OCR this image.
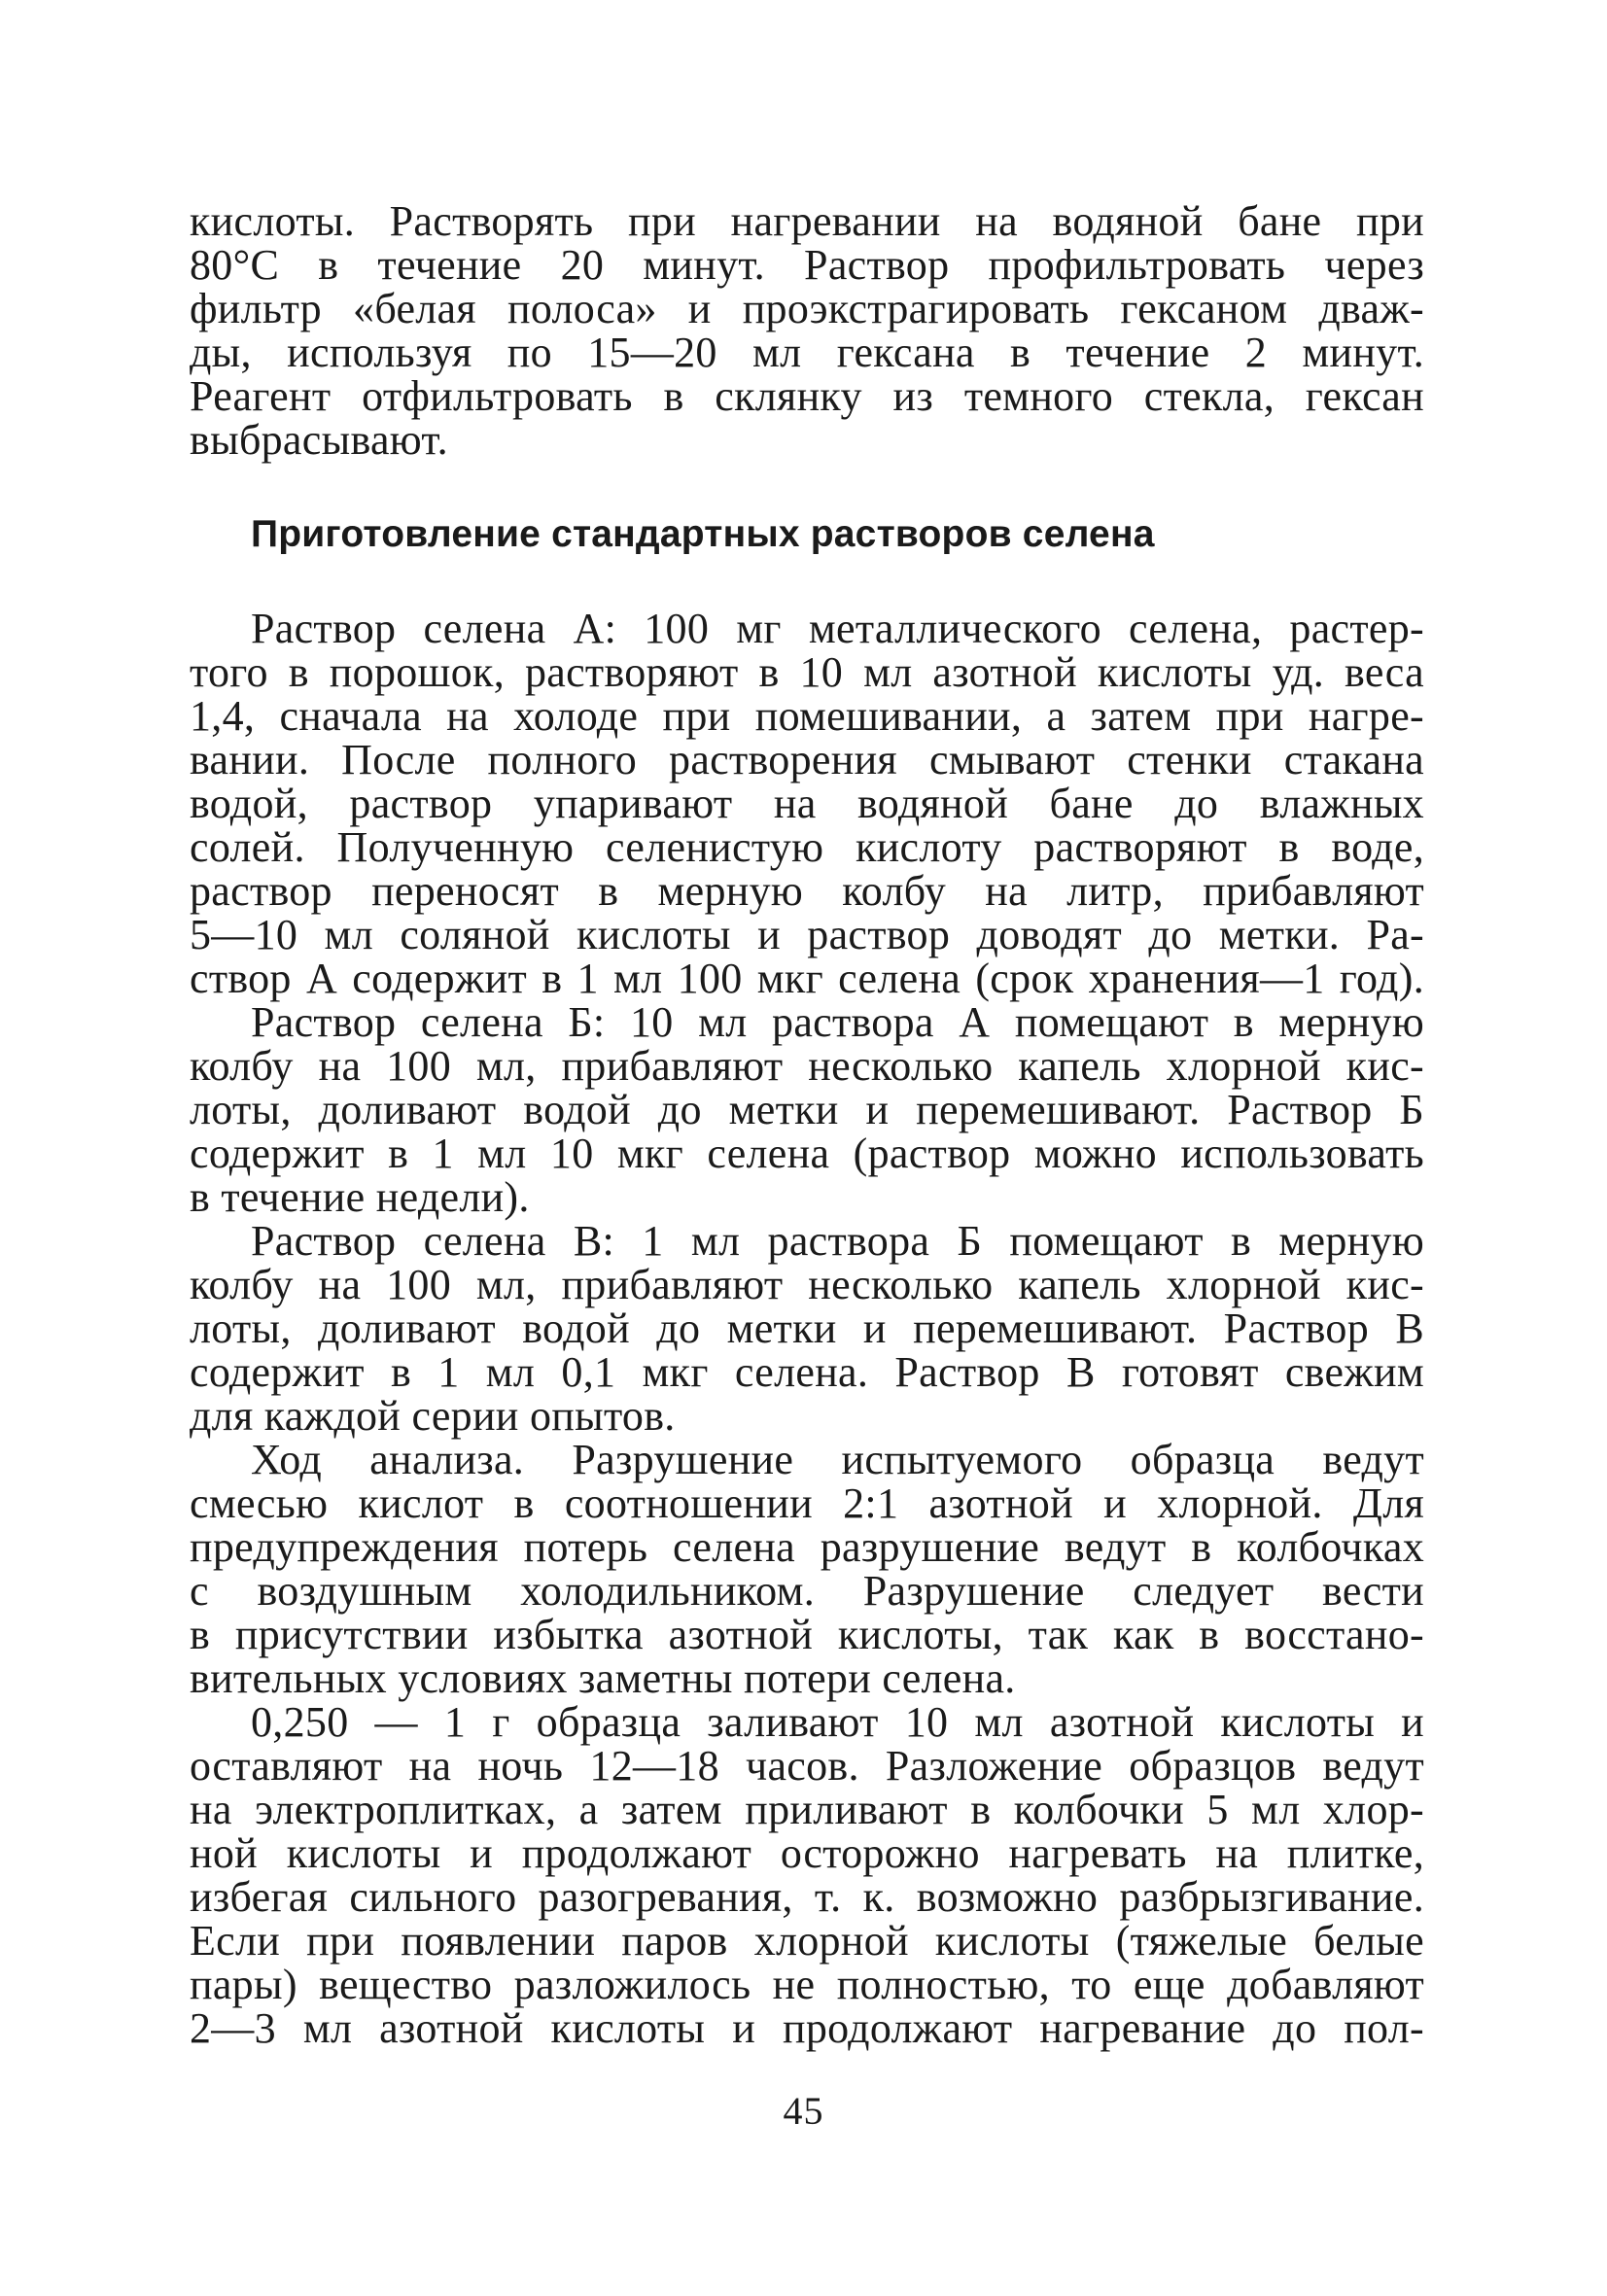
кислоты. Растворять при нагревании на водяной бане при
80°С в течение 20 минут. Раствор профильтровать через
фильтр «белая полоса» и проэкстрагировать гексаном дваж-
ды, используя по 15—20 мл гексана в течение 2 минут.
Реагент отфильтровать в склянку из темного стекла, гексан
выбрасывают.
Приготовление стандартных растворов селена
Раствор селена А: 100 мг металлического селена, растер-
того в порошок, растворяют в 10 мл азотной кислоты уд. веса
1,4, сначала на холоде при помешивании, а затем при нагре-
вании. После полного растворения смывают стенки стакана
водой, раствор упаривают на водяной бане до влажных
солей. Полученную селенистую кислоту растворяют в воде,
раствор переносят в мерную колбу на литр, прибавляют
5—10 мл соляной кислоты и раствор доводят до метки. Ра-
створ А содержит в 1 мл 100 мкг селена (срок хранения—1 год).
Раствор селена Б: 10 мл раствора А помещают в мерную
колбу на 100 мл, прибавляют несколько капель хлорной кис-
лоты, доливают водой до метки и перемешивают. Раствор Б
содержит в 1 мл 10 мкг селена (раствор можно использовать
в течение недели).
Раствор селена В: 1 мл раствора Б помещают в мерную
колбу на 100 мл, прибавляют несколько капель хлорной кис-
лоты, доливают водой до метки и перемешивают. Раствор В
содержит в 1 мл 0,1 мкг селена. Раствор В готовят свежим
для каждой серии опытов.
Ход анализа. Разрушение испытуемого образца ведут
смесью кислот в соотношении 2:1 азотной и хлорной. Для
предупреждения потерь селена разрушение ведут в колбочках
с воздушным холодильником. Разрушение следует вести
в присутствии избытка азотной кислоты, так как в восстано-
вительных условиях заметны потери селена.
0,250 — 1 г образца заливают 10 мл азотной кислоты и
оставляют на ночь 12—18 часов. Разложение образцов ведут
на электроплитках, а затем приливают в колбочки 5 мл хлор-
ной кислоты и продолжают осторожно нагревать на плитке,
избегая сильного разогревания, т. к. возможно разбрызгивание.
Если при появлении паров хлорной кислоты (тяжелые белые
пары) вещество разложилось не полностью, то еще добавляют
2—3 мл азотной кислоты и продолжают нагревание до пол-
45
